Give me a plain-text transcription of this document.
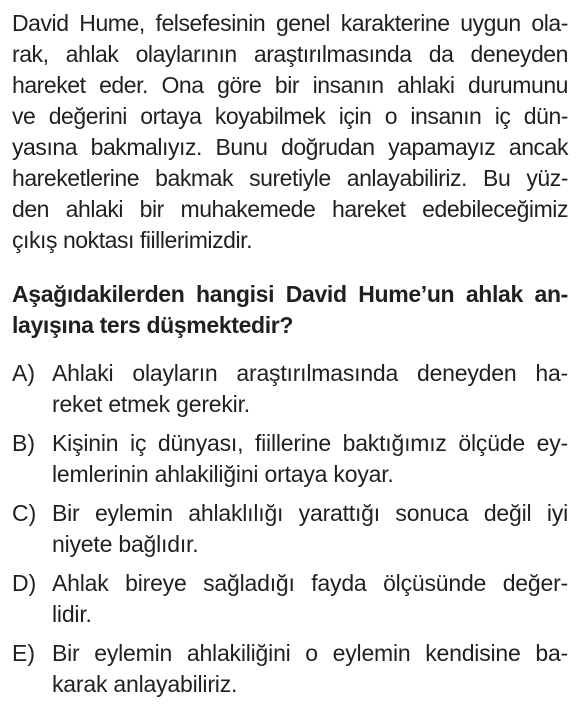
David Hume, felsefesinin genel karakterine uygun ola-
rak, ahlak olaylarının araştırılmasında da deneyden
hareket eder. Ona göre bir insanın ahlaki durumunu
ve değerini ortaya koyabilmek için o insanın iç dün-
yasına bakmalıyız. Bunu doğrudan yapamayız ancak
hareketlerine bakmak suretiyle anlayabiliriz. Bu yüz-
den ahlaki bir muhakemede hareket edebileceğimiz
çıkış noktası fiillerimizdir.
Aşağıdakilerden hangisi David Hume’un ahlak an-
layışına ters düşmektedir?
A) Ahlaki olayların araştırılmasında deneyden ha-
reket etmek gerekir.
B) Kişinin iç dünyası, fiillerine baktığımız ölçüde ey-
lemlerinin ahlakiliğini ortaya koyar.
C) Bir eylemin ahlaklılığı yarattığı sonuca değil iyi
niyete bağlıdır.
D) Ahlak bireye sağladığı fayda ölçüsünde değer-
lidir.
E) Bir eylemin ahlakiliğini o eylemin kendisine ba-
karak anlayabiliriz.
